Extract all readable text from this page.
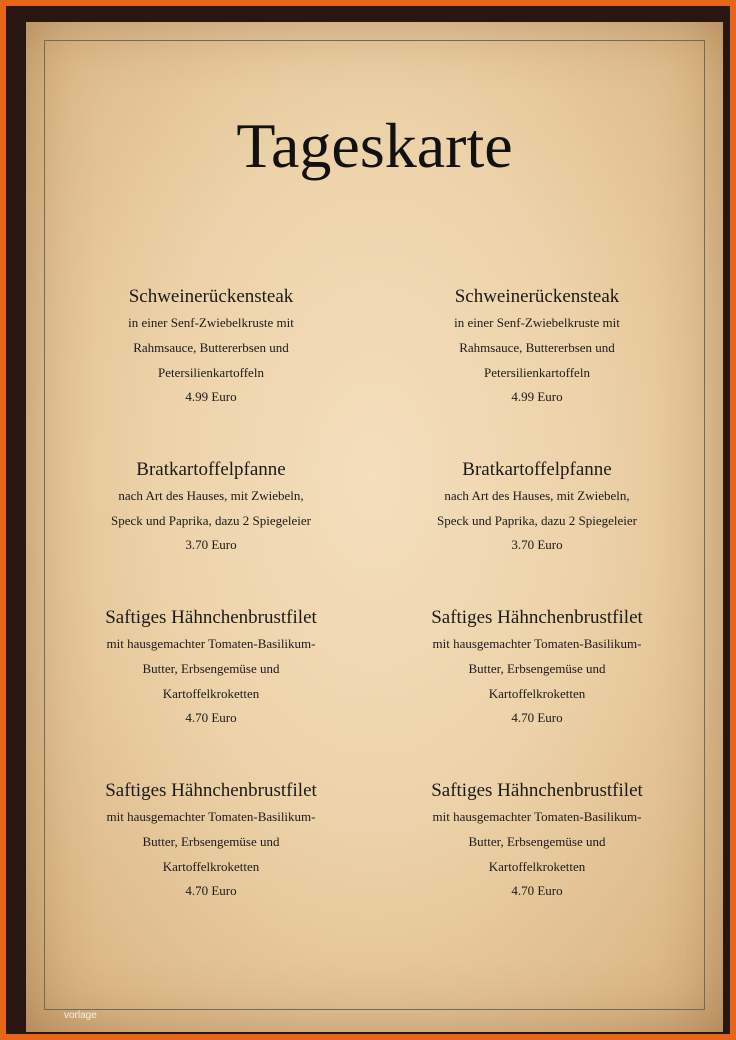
Tageskarte
Schweinerückensteak
in einer Senf-Zwiebelkruste mit
Rahmsauce, Buttererbsen und
Petersilienkartoffeln
4.99 Euro
Bratkartoffelpfanne
nach Art des Hauses, mit Zwiebeln,
Speck und Paprika, dazu 2 Spiegeleier
3.70 Euro
Saftiges Hähnchenbrustfilet
mit hausgemachter Tomaten-Basilikum-
Butter, Erbsengemüse und
Kartoffelkroketten
4.70 Euro
Saftiges Hähnchenbrustfilet
mit hausgemachter Tomaten-Basilikum-
Butter, Erbsengemüse und
Kartoffelkroketten
4.70 Euro
Schweinerückensteak
in einer Senf-Zwiebelkruste mit
Rahmsauce, Buttererbsen und
Petersilienkartoffeln
4.99 Euro
Bratkartoffelpfanne
nach Art des Hauses, mit Zwiebeln,
Speck und Paprika, dazu 2 Spiegeleier
3.70 Euro
Saftiges Hähnchenbrustfilet
mit hausgemachter Tomaten-Basilikum-
Butter, Erbsengemüse und
Kartoffelkroketten
4.70 Euro
Saftiges Hähnchenbrustfilet
mit hausgemachter Tomaten-Basilikum-
Butter, Erbsengemüse und
Kartoffelkroketten
4.70 Euro
vorlage
